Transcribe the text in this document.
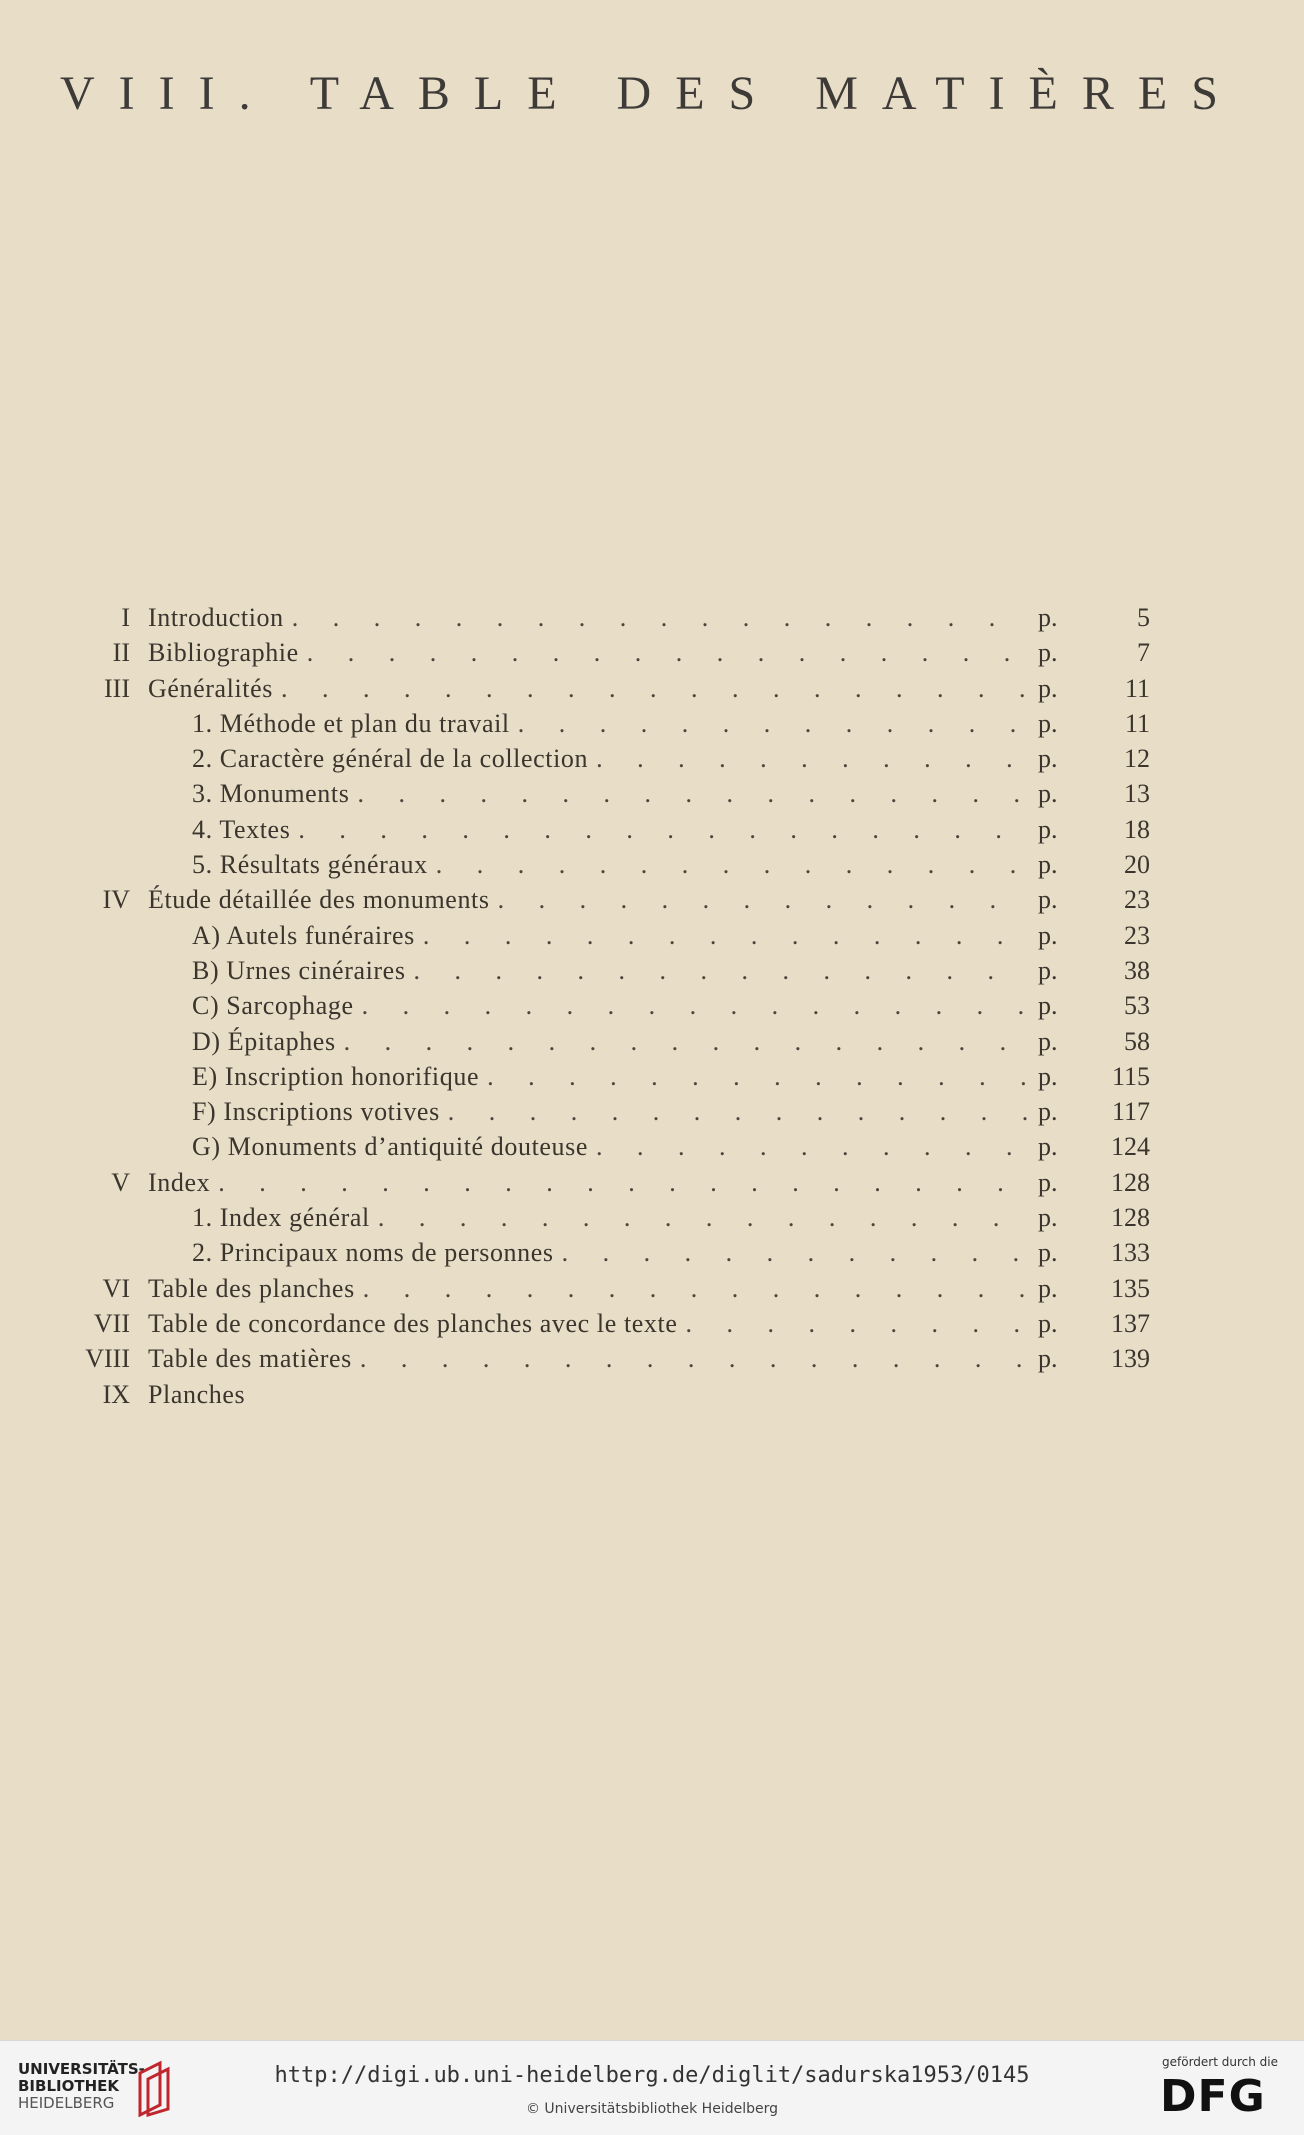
VIII. TABLE DES MATIÈRES
I Introduction . . .	p.	5
II Bibliographie . . .	p.	7
III Généralités . . .	p.	11
1. Méthode et plan du travail . . .	p.	11
2. Caractère général de la collection . . .	p.	12
3. Monuments . . .	p.	13
4. Textes . . .	p.	18
5. Résultats généraux . . .	p.	20
IV Étude détaillée des monuments . . .	p.	23
A) Autels funéraires . . .	p.	23
B) Urnes cinéraires . . .	p.	38
C) Sarcophage . . .	p.	53
D) Épitaphes . . .	p.	58
E) Inscription honorifique . . .	p.	115
F) Inscriptions votives . . .	p.	117
G) Monuments d’antiquité douteuse . . .	p.	124
V Index . . .	p.	128
1. Index général . . .	p.	128
2. Principaux noms de personnes . . .	p.	133
VI Table des planches . . .	p.	135
VII Table de concordance des planches avec le texte . . .	p.	137
VIII Table des matières . . .	p.	139
IX Planches
UNIVERSITÄTS-
BIBLIOTHEK
HEIDELBERG
http://digi.ub.uni-heidelberg.de/diglit/sadurska1953/0145
© Universitätsbibliothek Heidelberg
gefördert durch die
DFG
